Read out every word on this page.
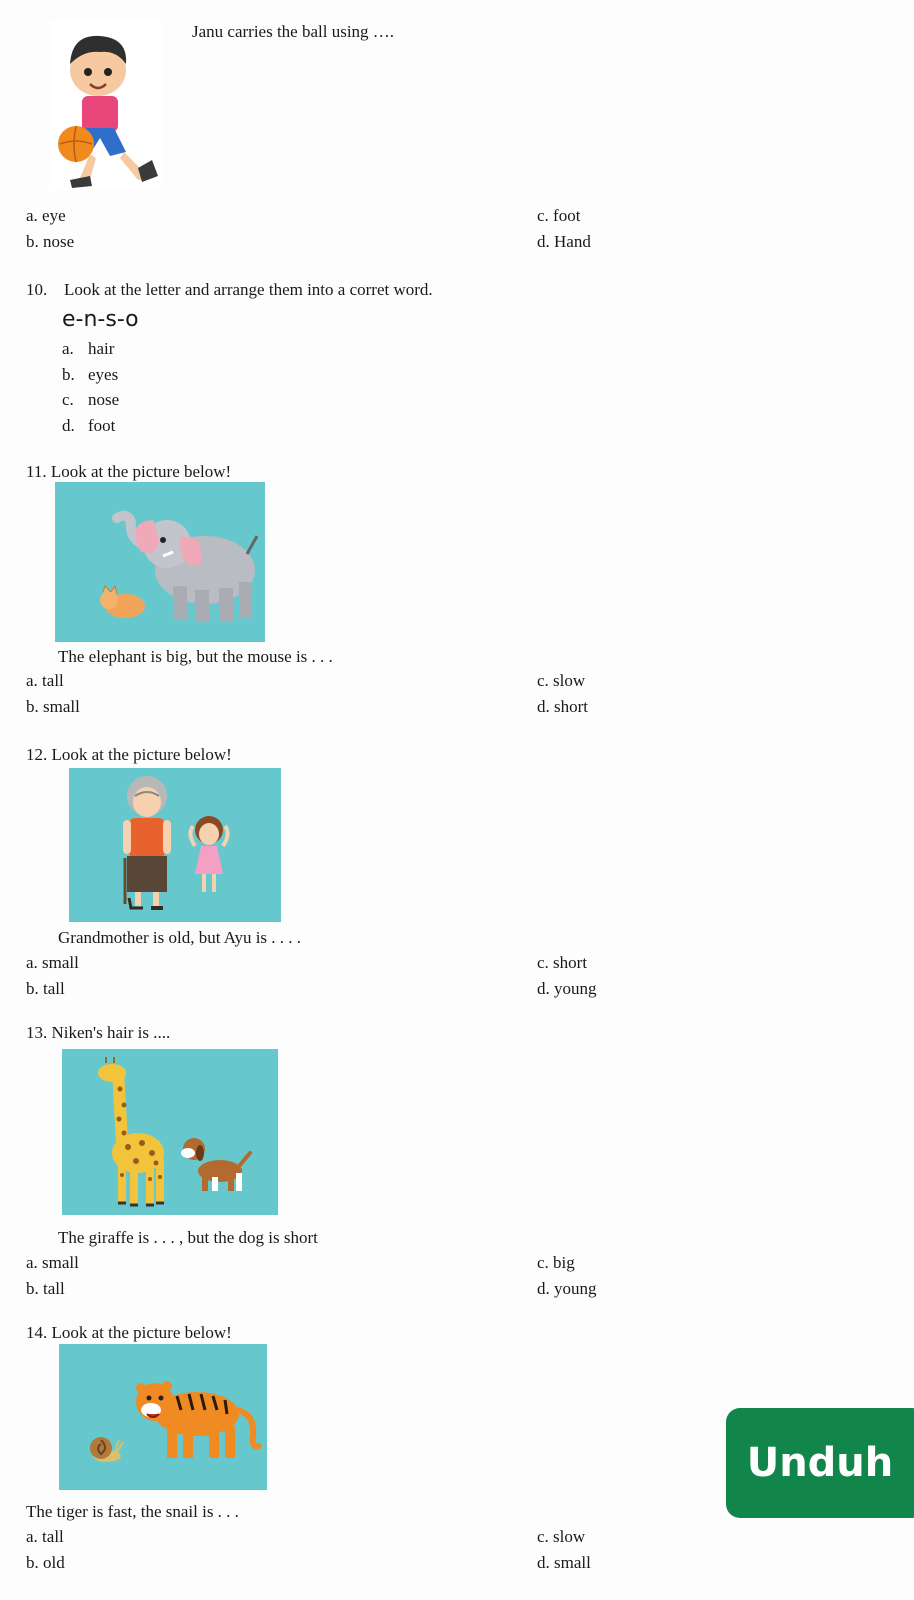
Janu carries the ball using ….
a. eye
b. nose
c. foot
d. Hand
10. Look at the letter and arrange them into a corret word.
e-n-s-o
a. hair
b. eyes
c. nose
d. foot
11. Look at the picture below!
The elephant is big, but the mouse is . . .
a. tall
b. small
c. slow
d. short
12. Look at the picture below!
Grandmother is old, but Ayu is . . . .
a. small
b. tall
c. short
d. young
13. Niken's hair is ....
The giraffe is . . . , but the dog is short
a. small
b. tall
c. big
d. young
14. Look at the picture below!
The tiger is fast, the snail is . . .
a. tall
b. old
c. slow
d. small
Unduh
